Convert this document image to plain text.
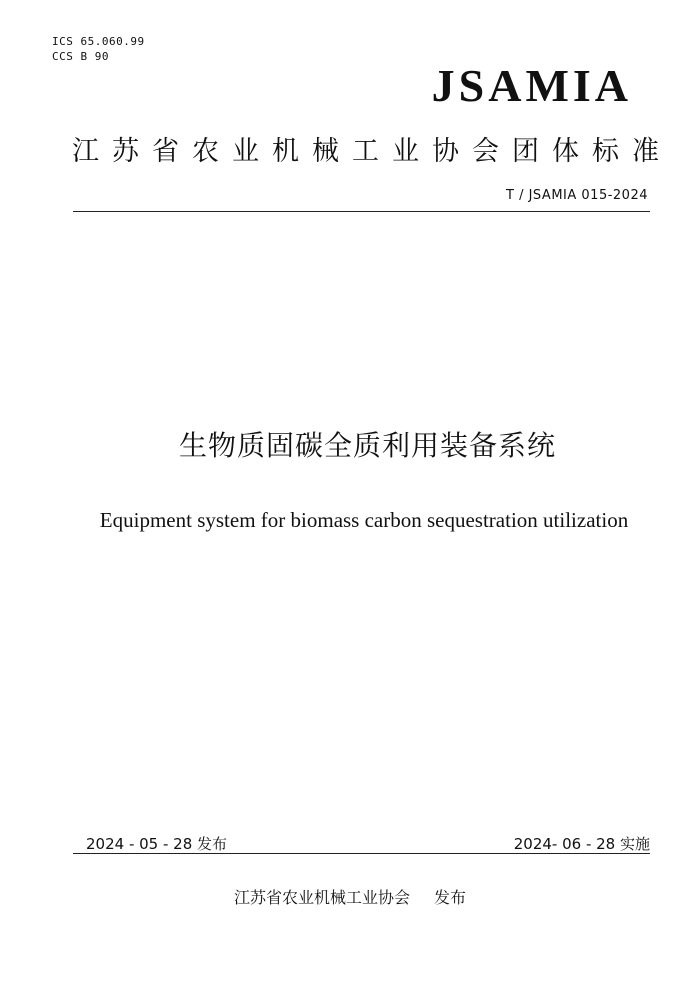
ICS 65.060.99
CCS B 90
JSAMIA
江苏省农业机械工业协会团体标准
T / JSAMIA 015-2024
生物质固碳全质利用装备系统
Equipment system for biomass carbon sequestration utilization
2024 - 05 - 28 发布	2024- 06 - 28 实施
江苏省农业机械工业协会 发布
